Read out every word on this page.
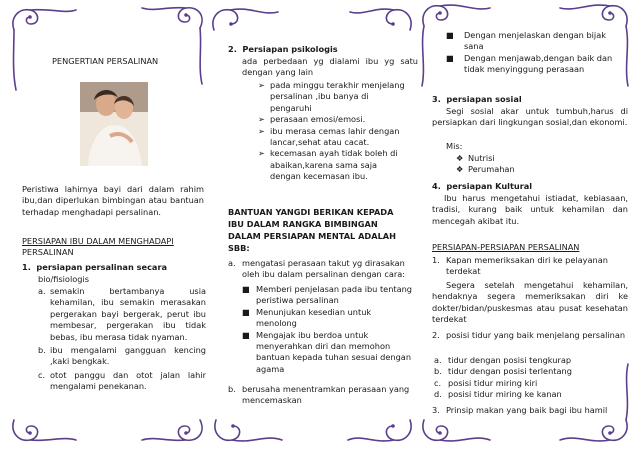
PENGERTIAN PERSALINAN
Peristiwa lahirnya bayi dari dalam rahim ibu,dan diperlukan bimbingan atau bantuan terhadap menghadapi persalinan.
PERSIAPAN IBU DALAM MENGHADAPI
PERSALINAN
1. persiapan persalinan secara
bio/fisiologis
a. semakin bertambanya usia kehamilan, ibu semakin merasakan pergerakan bayi bergerak, perut ibu membesar, pergerakan ibu tidak bebas, ibu merasa tidak nyaman.
b. ibu mengalami gangguan kencing ,kaki bengkak.
c. otot panggu dan otot jalan lahir mengalami penekanan.
2. Persiapan psikologis
ada perbedaan yg dialami ibu yg satu dengan yang lain
➢ pada minggu terakhir menjelang persalinan ,ibu banya di pengaruhi
➢ perasaan emosi/emosi.
➢ ibu merasa cemas lahir dengan lancar,sehat atau cacat.
➢ kecemasan ayah tidak boleh di abaikan,karena sama saja dengan kecemasan ibu.
BANTUAN YANGDI BERIKAN KEPADA IBU DALAM RANGKA BIMBINGAN DALAM PERSIAPAN MENTAL ADALAH SBB:
a. mengatasi perasaan takut yg dirasakan oleh ibu dalam persalinan dengan cara:
■ Memberi penjelasan pada ibu tentang peristiwa persalinan
■ Menunjukan kesedian untuk menolong
■ Mengajak ibu berdoa untuk menyerahkan diri dan memohon bantuan kepada tuhan sesuai dengan agama
b. berusaha menentramkan perasaan yang mencemaskan
■ Dengan menjelaskan dengan bijak sana
■ Dengan menjawab,dengan baik dan tidak menyinggung perasaan
3. persiapan sosial
Segi sosial akar untuk tumbuh,harus di persiapkan dari lingkungan sosial,dan ekonomi.
Mis:
❖ Nutrisi
❖ Perumahan
4. persiapan Kultural
Ibu harus mengetahui istiadat, kebiasaan, tradisi, kurang baik untuk kehamilan dan mencegah akibat itu.
PERSIAPAN-PERSIAPAN PERSALINAN
1. Kapan memeriksakan diri ke pelayanan terdekat
Segera setelah mengetahui kehamilan, hendaknya segera memeriksakan diri ke dokter/bidan/puskesmas atau pusat kesehatan terdekat
2. posisi tidur yang baik menjelang persalinan
a. tidur dengan posisi tengkurap
b. tidur dengan posisi terlentang
c. posisi tidur miring kiri
d. posisi tidur miring ke kanan
3. Prinsip makan yang baik bagi ibu hamil
